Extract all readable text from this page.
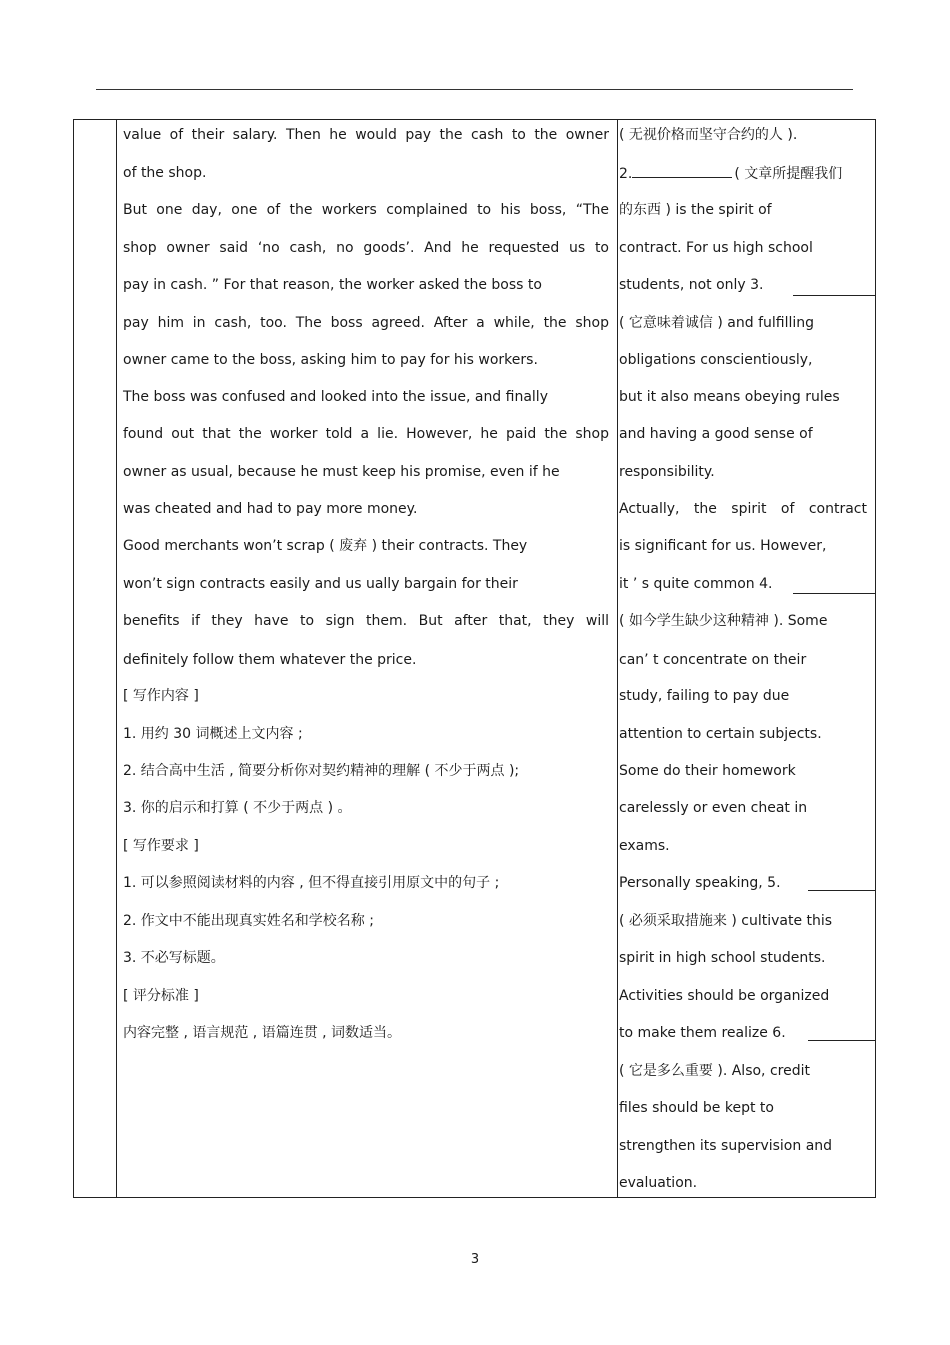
value of their salary. Then he would pay the cash to the owner
of the shop.
But one day, one of the workers complained to his boss, “The
shop owner said ‘no cash, no goods’. And he requested us to
pay in cash. ” For that reason, the worker asked the boss to
pay him in cash, too. The boss agreed. After a while, the shop
owner came to the boss, asking him to pay for his workers.
The boss was confused and looked into the issue, and finally
found out that the worker told a lie. However, he paid the shop
owner as usual, because he must keep his promise, even if he
was cheated and had to pay more money.
Good merchants won’t scrap ( 废弃 ) their contracts. They
won’t sign contracts easily and us ually bargain for their
benefits if they have to sign them. But after that, they will
definitely follow them whatever the price.
[ 写作内容 ]
1. 用约 30 词概述上文内容 ;
2. 结合高中生活 , 简要分析你对契约精神的理解 ( 不少于两点 );
3. 你的启示和打算 ( 不少于两点 ) 。
[ 写作要求 ]
1. 可以参照阅读材料的内容 , 但不得直接引用原文中的句子 ;
2. 作文中不能出现真实姓名和学校名称 ;
3. 不必写标题。
[ 评分标准 ]
内容完整 , 语言规范 , 语篇连贯 , 词数适当。
( 无视价格而坚守合约的人 ).
2.	( 文章所提醒我们
的东西 ) is the spirit of
contract. For us high school
students, not only 3.
( 它意味着诚信 ) and fulfilling
obligations conscientiously,
but it also means obeying rules
and having a good sense of
responsibility.
Actually, the spirit of contract
is significant for us. However,
it ’ s quite common 4.
( 如今学生缺少这种精神 ). Some
can’ t concentrate on their
study, failing to pay due
attention to certain subjects.
Some do their homework
carelessly or even cheat in
exams.
Personally speaking, 5.
( 必须采取措施来 ) cultivate this
spirit in high school students.
Activities should be organized
to make them realize 6.
( 它是多么重要 ). Also, credit
files should be kept to
strengthen its supervision and
evaluation.
3
